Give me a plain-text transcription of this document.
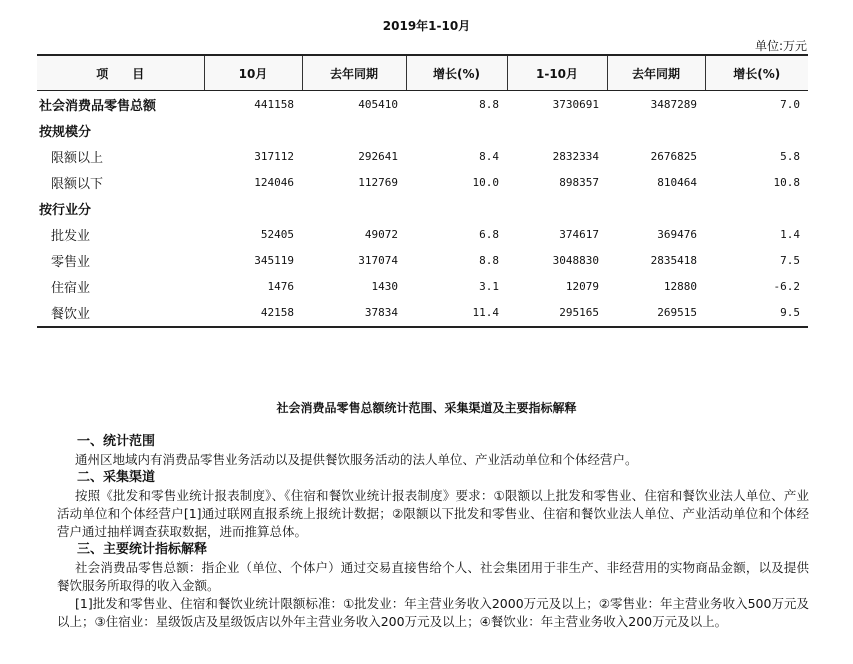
2019年1-10月
单位:万元
项　　目	10月	去年同期	增长(%)	1-10月	去年同期	增长(%)
社会消费品零售总额	441158	405410	8.8	3730691	3487289	7.0
按规模分						
限额以上	317112	292641	8.4	2832334	2676825	5.8
限额以下	124046	112769	10.0	898357	810464	10.8
按行业分						
批发业	52405	49072	6.8	374617	369476	1.4
零售业	345119	317074	8.8	3048830	2835418	7.5
住宿业	1476	1430	3.1	12079	12880	-6.2
餐饮业	42158	37834	11.4	295165	269515	9.5
社会消费品零售总额统计范围、采集渠道及主要指标解释
一、统计范围

通州区地域内有消费品零售业务活动以及提供餐饮服务活动的法人单位、产业活动单位和个体经营户。

二、采集渠道

按照《批发和零售业统计报表制度》、《住宿和餐饮业统计报表制度》要求：①限额以上批发和零售业、住宿和餐饮业法人单位、产业活动单位和个体经营户[1]通过联网直报系统上报统计数据；②限额以下批发和零售业、住宿和餐饮业法人单位、产业活动单位和个体经营户通过抽样调查获取数据，进而推算总体。

三、主要统计指标解释

社会消费品零售总额：指企业（单位、个体户）通过交易直接售给个人、社会集团用于非生产、非经营用的实物商品金额，以及提供餐饮服务所取得的收入金额。

[1]批发和零售业、住宿和餐饮业统计限额标准：①批发业：年主营业务收入2000万元及以上；②零售业：年主营业务收入500万元及以上；③住宿业：星级饭店及星级饭店以外年主营业务收入200万元及以上；④餐饮业：年主营业务收入200万元及以上。
